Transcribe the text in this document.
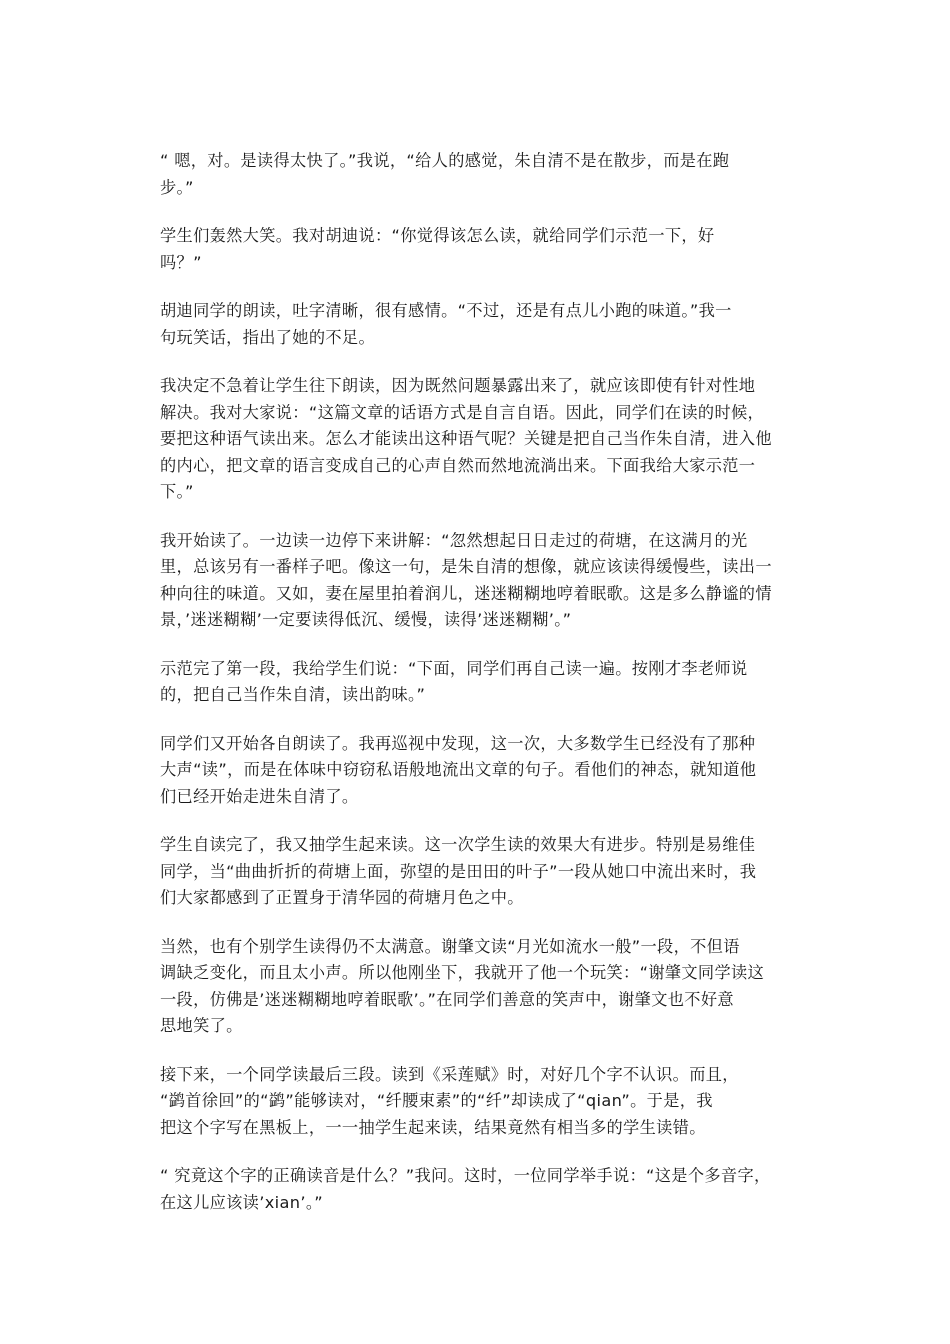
“ 嗯，对。是读得太快了。”我说，“给人的感觉，朱自清不是在散步，而是在跑
步。”

学生们轰然大笑。我对胡迪说：“你觉得该怎么读，就给同学们示范一下，好
吗？”

胡迪同学的朗读，吐字清晰，很有感情。“不过，还是有点儿小跑的味道。”我一
句玩笑话，指出了她的不足。

我决定不急着让学生往下朗读，因为既然问题暴露出来了，就应该即使有针对性地
解决。我对大家说：“这篇文章的话语方式是自言自语。因此，同学们在读的时候，
要把这种语气读出来。怎么才能读出这种语气呢？关键是把自己当作朱自清，进入他
的内心，把文章的语言变成自己的心声自然而然地流淌出来。下面我给大家示范一
下。”

我开始读了。一边读一边停下来讲解：“忽然想起日日走过的荷塘，在这满月的光
里，总该另有一番样子吧。像这一句，是朱自清的想像，就应该读得缓慢些，读出一
种向往的味道。又如，妻在屋里拍着润儿，迷迷糊糊地哼着眠歌。这是多么静谧的情
景，’迷迷糊糊’一定要读得低沉、缓慢，读得’迷迷糊糊’。”

示范完了第一段，我给学生们说：“下面，同学们再自己读一遍。按刚才李老师说
的，把自己当作朱自清，读出韵味。”

同学们又开始各自朗读了。我再巡视中发现，这一次，大多数学生已经没有了那种
大声“读”，而是在体味中窃窃私语般地流出文章的句子。看他们的神态，就知道他
们已经开始走进朱自清了。

学生自读完了，我又抽学生起来读。这一次学生读的效果大有进步。特别是易维佳
同学，当“曲曲折折的荷塘上面，弥望的是田田的叶子”一段从她口中流出来时，我
们大家都感到了正置身于清华园的荷塘月色之中。

当然，也有个别学生读得仍不太满意。谢肇文读“月光如流水一般”一段，不但语
调缺乏变化，而且太小声。所以他刚坐下，我就开了他一个玩笑：“谢肇文同学读这
一段，仿佛是’迷迷糊糊地哼着眠歌’。”在同学们善意的笑声中，谢肇文也不好意
思地笑了。

接下来，一个同学读最后三段。读到《采莲赋》时，对好几个字不认识。而且，
“鹢首徐回”的“鹢”能够读对，“纤腰束素”的“纤”却读成了“qian”。于是，我
把这个字写在黑板上，一一抽学生起来读，结果竟然有相当多的学生读错。

“ 究竟这个字的正确读音是什么？”我问。这时，一位同学举手说：“这是个多音字，
在这儿应该读’xian’。”
